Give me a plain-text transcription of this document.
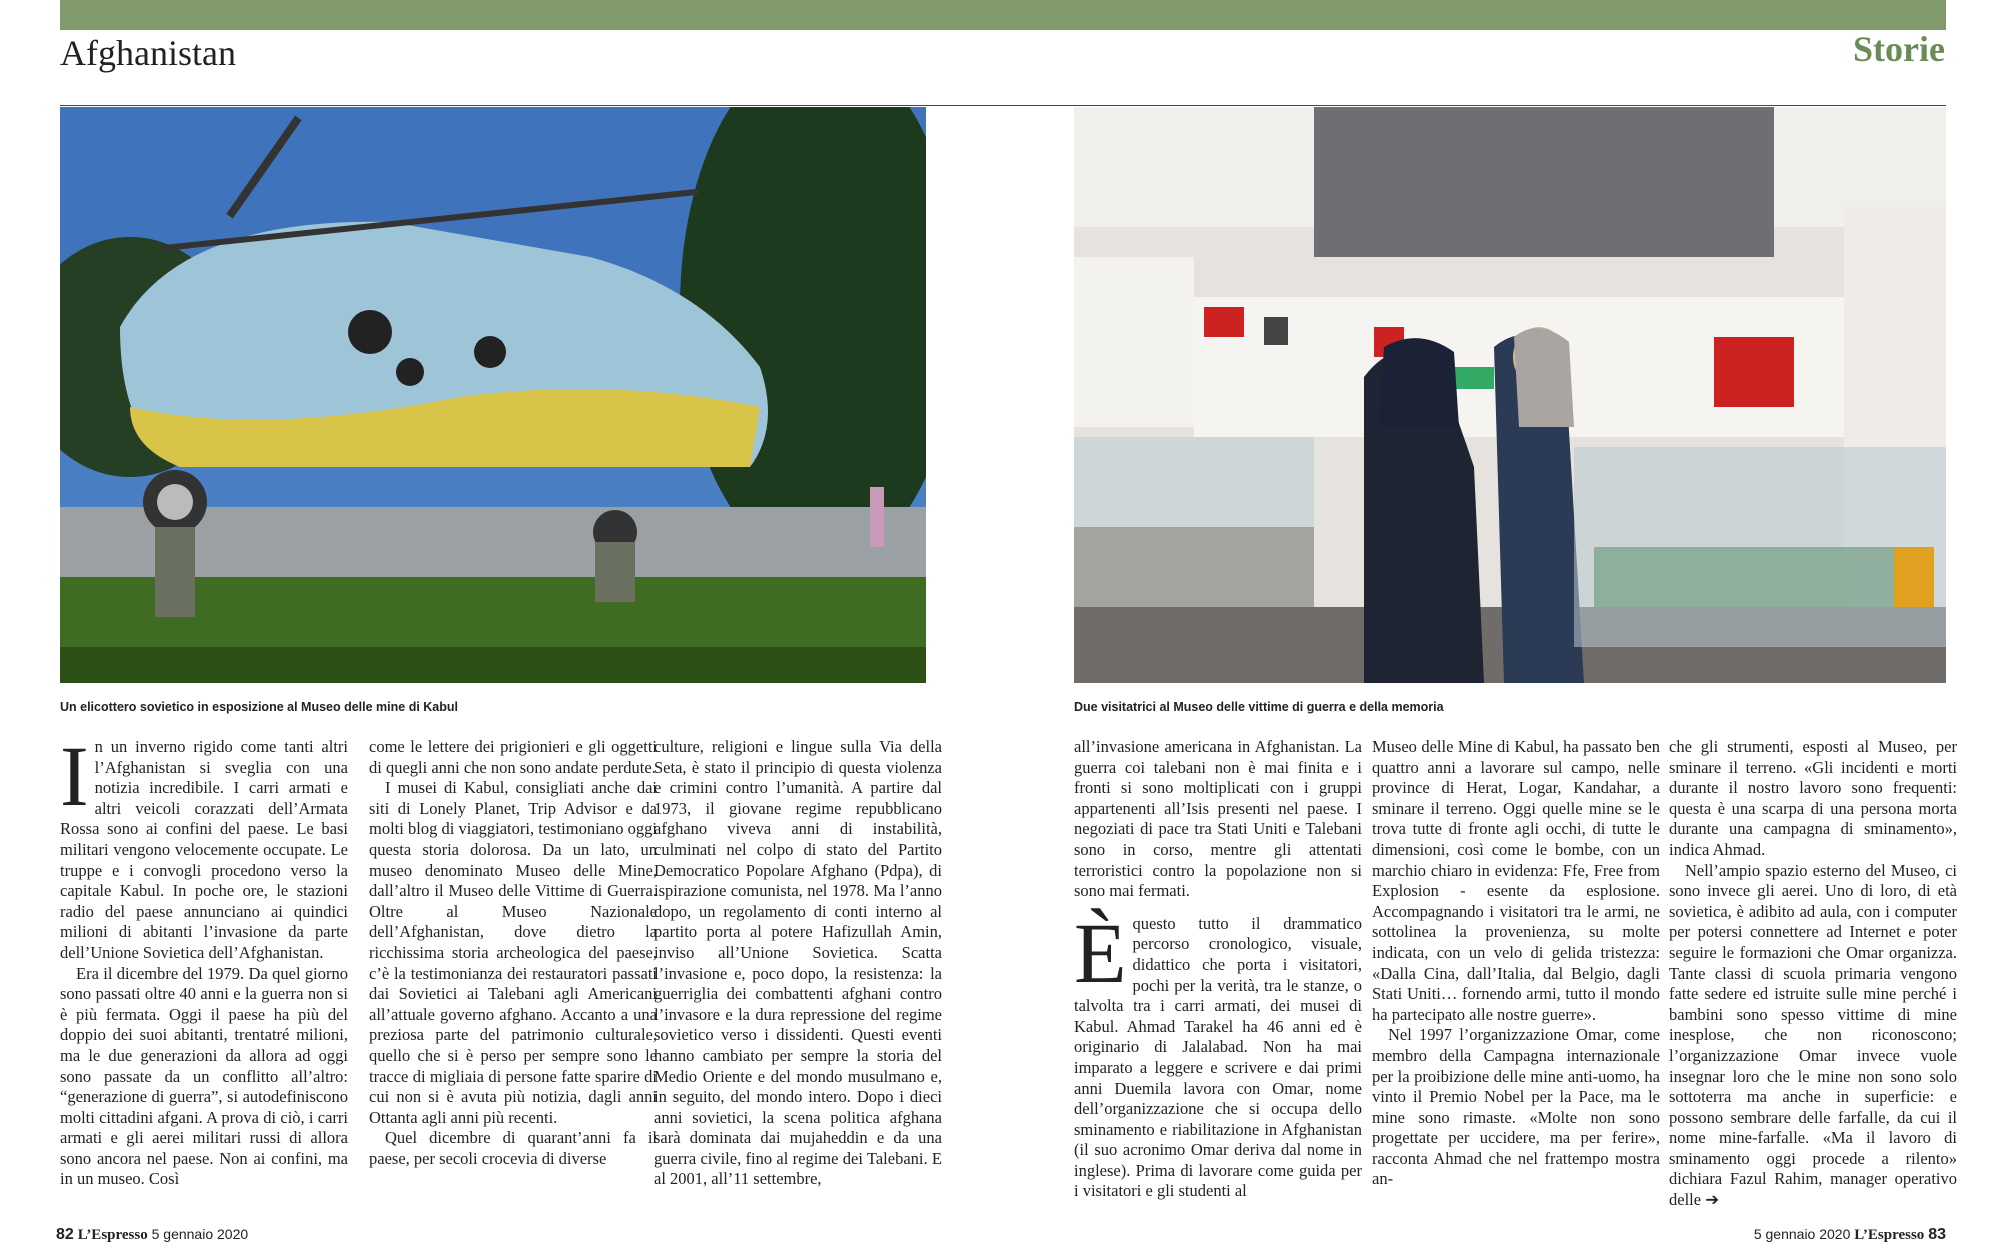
Afghanistan	Storie
Un elicottero sovietico in esposizione al Museo delle mine di Kabul	Due visitatrici al Museo delle vittime di guerra e della memoria

In un inverno rigido come tanti altri l’Afghanistan si sveglia con una notizia incredibile. I carri armati e altri veicoli corazzati dell’Armata Rossa sono ai confini del paese. Le basi militari vengono velocemente occupate. Le truppe e i convogli procedono verso la capitale Kabul. In poche ore, le stazioni radio del paese annunciano ai quindici milioni di abitanti l’invasione da parte dell’Unione Sovietica dell’Afghanistan.

Era il dicembre del 1979. Da quel giorno sono passati oltre 40 anni e la guerra non si è più fermata. Oggi il paese ha più del doppio dei suoi abitanti, trentatré milioni, ma le due generazioni da allora ad oggi sono passate da un conflitto all’altro: “generazione di guerra”, si autodefiniscono molti cittadini afgani. A prova di ciò, i carri armati e gli aerei militari russi di allora sono ancora nel paese. Non ai confini, ma in un museo. Così

come le lettere dei prigionieri e gli oggetti di quegli anni che non sono andate perdute.

I musei di Kabul, consigliati anche dai siti di Lonely Planet, Trip Advisor e da molti blog di viaggiatori, testimoniano oggi questa storia dolorosa. Da un lato, un museo denominato Museo delle Mine, dall’altro il Museo delle Vittime di Guerra. Oltre al Museo Nazionale dell’Afghanistan, dove dietro la ricchissima storia archeologica del paese, c’è la testimonianza dei restauratori passati dai Sovietici ai Talebani agli Americani all’attuale governo afghano. Accanto a una preziosa parte del patrimonio culturale, quello che si è perso per sempre sono le tracce di migliaia di persone fatte sparire di cui non si è avuta più notizia, dagli anni Ottanta agli anni più recenti.

Quel dicembre di quarant’anni fa il paese, per secoli crocevia di diverse

culture, religioni e lingue sulla Via della Seta, è stato il principio di questa violenza e crimini contro l’umanità. A partire dal 1973, il giovane regime repubblicano afghano viveva anni di instabilità, culminati nel colpo di stato del Partito Democratico Popolare Afghano (Pdpa), di ispirazione comunista, nel 1978. Ma l’anno dopo, un regolamento di conti interno al partito porta al potere Hafizullah Amin, inviso all’Unione Sovietica. Scatta l’invasione e, poco dopo, la resistenza: la guerriglia dei combattenti afghani contro l’invasore e la dura repressione del regime sovietico verso i dissidenti. Questi eventi hanno cambiato per sempre la storia del Medio Oriente e del mondo musulmano e, in seguito, del mondo intero. Dopo i dieci anni sovietici, la scena politica afghana sarà dominata dai mujaheddin e da una guerra civile, fino al regime dei Talebani. E al 2001, all’11 settembre,

all’invasione americana in Afghanistan. La guerra coi talebani non è mai finita e i fronti si sono moltiplicati con i gruppi appartenenti all’Isis presenti nel paese. I negoziati di pace tra Stati Uniti e Talebani sono in corso, mentre gli attentati terroristici contro la popolazione non si sono mai fermati.

Èquesto tutto il drammatico percorso cronologico, visuale, didattico che porta i visitatori, pochi per la verità, tra le stanze, o talvolta tra i carri armati, dei musei di Kabul. Ahmad Tarakel ha 46 anni ed è originario di Jalalabad. Non ha mai imparato a leggere e scrivere e dai primi anni Duemila lavora con Omar, nome dell’organizzazione che si occupa dello sminamento e riabilitazione in Afghanistan (il suo acronimo Omar deriva dal nome in inglese). Prima di lavorare come guida per i visitatori e gli studenti al

Museo delle Mine di Kabul, ha passato ben quattro anni a lavorare sul campo, nelle province di Herat, Logar, Kandahar, a sminare il terreno. Oggi quelle mine se le trova tutte di fronte agli occhi, di tutte le dimensioni, così come le bombe, con un marchio chiaro in evidenza: Ffe, Free from Explosion - esente da esplosione. Accompagnando i visitatori tra le armi, ne sottolinea la provenienza, su molte indicata, con un velo di gelida tristezza: «Dalla Cina, dall’Italia, dal Belgio, dagli Stati Uniti… fornendo armi, tutto il mondo ha partecipato alle nostre guerre».

Nel 1997 l’organizzazione Omar, come membro della Campagna internazionale per la proibizione delle mine anti-uomo, ha vinto il Premio Nobel per la Pace, ma le mine sono rimaste. «Molte non sono progettate per uccidere, ma per ferire», racconta Ahmad che nel frattempo mostra an-

che gli strumenti, esposti al Museo, per sminare il terreno. «Gli incidenti e morti durante il nostro lavoro sono frequenti: questa è una scarpa di una persona morta durante una campagna di sminamento», indica Ahmad.

Nell’ampio spazio esterno del Museo, ci sono invece gli aerei. Uno di loro, di età sovietica, è adibito ad aula, con i computer per potersi connettere ad Internet e poter seguire le formazioni che Omar organizza. Tante classi di scuola primaria vengono fatte sedere ed istruite sulle mine perché i bambini sono spesso vittime di mine inesplose, che non riconoscono; l’organizzazione Omar invece vuole insegnar loro che le mine non sono solo sottoterra ma anche in superficie: e possono sembrare delle farfalle, da cui il nome mine-farfalle. «Ma il lavoro di sminamento oggi procede a rilento» dichiara Fazul Rahim, manager operativo delle ➔

82 L’Espresso 5 gennaio 2020	5 gennaio 2020 L’Espresso 83
